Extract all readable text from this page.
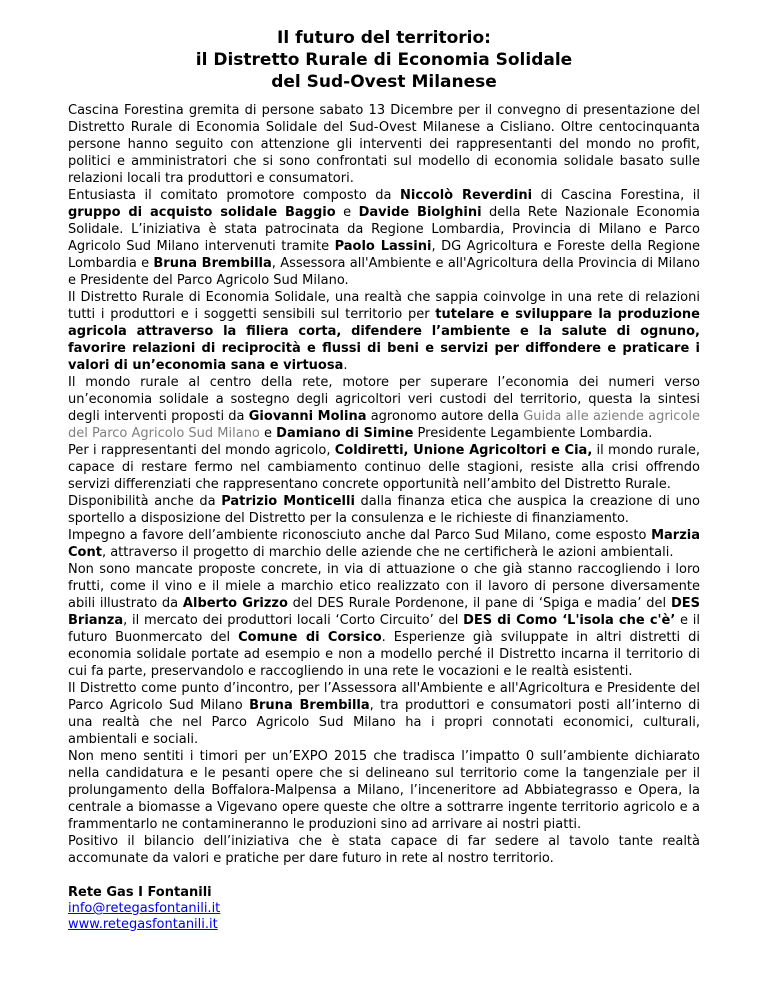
Il futuro del territorio:
il Distretto Rurale di Economia Solidale
del Sud-Ovest Milanese

Cascina Forestina gremita di persone sabato 13 Dicembre per il convegno di presentazione del Distretto Rurale di Economia Solidale del Sud-Ovest Milanese a Cisliano. Oltre centocinquanta persone hanno seguito con attenzione gli interventi dei rappresentanti del mondo no profit, politici e amministratori che si sono confrontati sul modello di economia solidale basato sulle relazioni locali tra produttori e consumatori.

Entusiasta il comitato promotore composto da Niccolò Reverdini di Cascina Forestina, il gruppo di acquisto solidale Baggio e Davide Biolghini della Rete Nazionale Economia Solidale. L’iniziativa è stata patrocinata da Regione Lombardia, Provincia di Milano e Parco Agricolo Sud Milano intervenuti tramite Paolo Lassini, DG Agricoltura e Foreste della Regione Lombardia e Bruna Brembilla, Assessora all'Ambiente e all'Agricoltura della Provincia di Milano e Presidente del Parco Agricolo Sud Milano.

Il Distretto Rurale di Economia Solidale, una realtà che sappia coinvolge in una rete di relazioni tutti i produttori e i soggetti sensibili sul territorio per tutelare e sviluppare la produzione agricola attraverso la filiera corta, difendere l’ambiente e la salute di ognuno, favorire relazioni di reciprocità e flussi di beni e servizi per diffondere e praticare i valori di un’economia sana e virtuosa.

Il mondo rurale al centro della rete, motore per superare l’economia dei numeri verso un’economia solidale a sostegno degli agricoltori veri custodi del territorio, questa la sintesi degli interventi proposti da Giovanni Molina agronomo autore della Guida alle aziende agricole del Parco Agricolo Sud Milano e Damiano di Simine Presidente Legambiente Lombardia.

Per i rappresentanti del mondo agricolo, Coldiretti, Unione Agricoltori e Cia, il mondo rurale, capace di restare fermo nel cambiamento continuo delle stagioni, resiste alla crisi offrendo servizi differenziati che rappresentano concrete opportunità nell’ambito del Distretto Rurale.

Disponibilità anche da Patrizio Monticelli dalla finanza etica che auspica la creazione di uno sportello a disposizione del Distretto per la consulenza e le richieste di finanziamento.

Impegno a favore dell’ambiente riconosciuto anche dal Parco Sud Milano, come esposto Marzia Cont, attraverso il progetto di marchio delle aziende che ne certificherà le azioni ambientali.

Non sono mancate proposte concrete, in via di attuazione o che già stanno raccogliendo i loro frutti, come il vino e il miele a marchio etico realizzato con il lavoro di persone diversamente abili illustrato da Alberto Grizzo del DES Rurale Pordenone, il pane di ‘Spiga e madia’ del DES Brianza, il mercato dei produttori locali ‘Corto Circuito’ del DES di Como ‘L'isola che c'è’ e il futuro Buonmercato del Comune di Corsico. Esperienze già sviluppate in altri distretti di economia solidale portate ad esempio e non a modello perché il Distretto incarna il territorio di cui fa parte, preservandolo e raccogliendo in una rete le vocazioni e le realtà esistenti.

Il Distretto come punto d’incontro, per l’Assessora all'Ambiente e all'Agricoltura e Presidente del Parco Agricolo Sud Milano Bruna Brembilla, tra produttori e consumatori posti all’interno di una realtà che nel Parco Agricolo Sud Milano ha i propri connotati economici, culturali, ambientali e sociali.

Non meno sentiti i timori per un’EXPO 2015 che tradisca l’impatto 0 sull’ambiente dichiarato nella candidatura e le pesanti opere che si delineano sul territorio come la tangenziale per il prolungamento della Boffalora-Malpensa a Milano, l’inceneritore ad Abbiategrasso e Opera, la centrale a biomasse a Vigevano opere queste che oltre a sottrarre ingente territorio agricolo e a frammentarlo ne contamineranno le produzioni sino ad arrivare ai nostri piatti.

Positivo il bilancio dell’iniziativa che è stata capace di far sedere al tavolo tante realtà accomunate da valori e pratiche per dare futuro in rete al nostro territorio.

Rete Gas I Fontanili
info@retegasfontanili.it
www.retegasfontanili.it
